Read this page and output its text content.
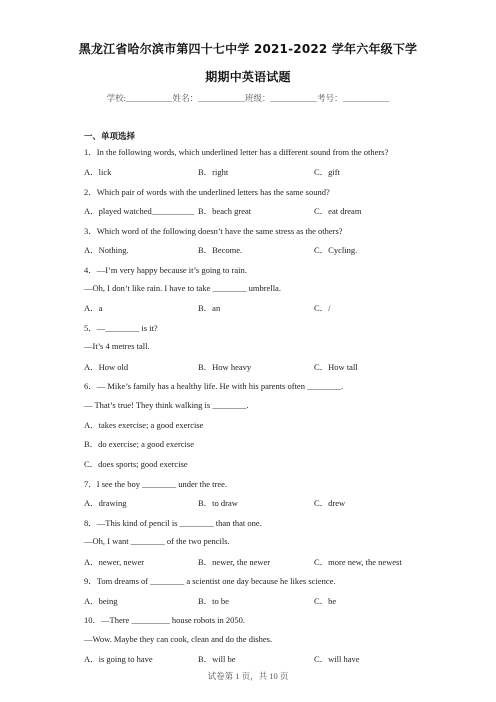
黑龙江省哈尔滨市第四十七中学 2021-2022 学年六年级下学
期期中英语试题
学校:___________姓名：___________班级：___________考号：___________
一、单项选择
1．In the following words, which underlined letter has a different sound from the others?
A．lick	B．right	C．gift
2．Which pair of words with the underlined letters has the same sound?
A．played watched__________ B．beach great	C．eat dream
3．Which word of the following doesn’t have the same stress as the others?
A．Nothing.	B．Become.	C．Cycling.
4．—I’m very happy because it’s going to rain.
—Oh, I don’t like rain. I have to take ________ umbrella.
A．a	B．an	C．/
5．—________ is it?
—It’s 4 metres tall.
A．How old	B．How heavy	C．How tall
6．— Mike’s family has a healthy life. He with his parents often ________.
— That’s true! They think walking is ________.
A．takes exercise; a good exercise
B．do exercise; a good exercise
C．does sports; good exercise
7．I see the boy ________ under the tree.
A．drawing	B．to draw	C．drew
8．—This kind of pencil is ________ than that one.
—Oh, I want ________ of the two pencils.
A．newer, newer	B．newer, the newer	C．more new, the newest
9．Tom dreams of ________ a scientist one day because he likes science.
A．being	B．to be	C．be
10．—There _________ house robots in 2050.
—Wow. Maybe they can cook, clean and do the dishes.
A．is going to have	B．will be	C．will have
试卷第 1 页，共 10 页
